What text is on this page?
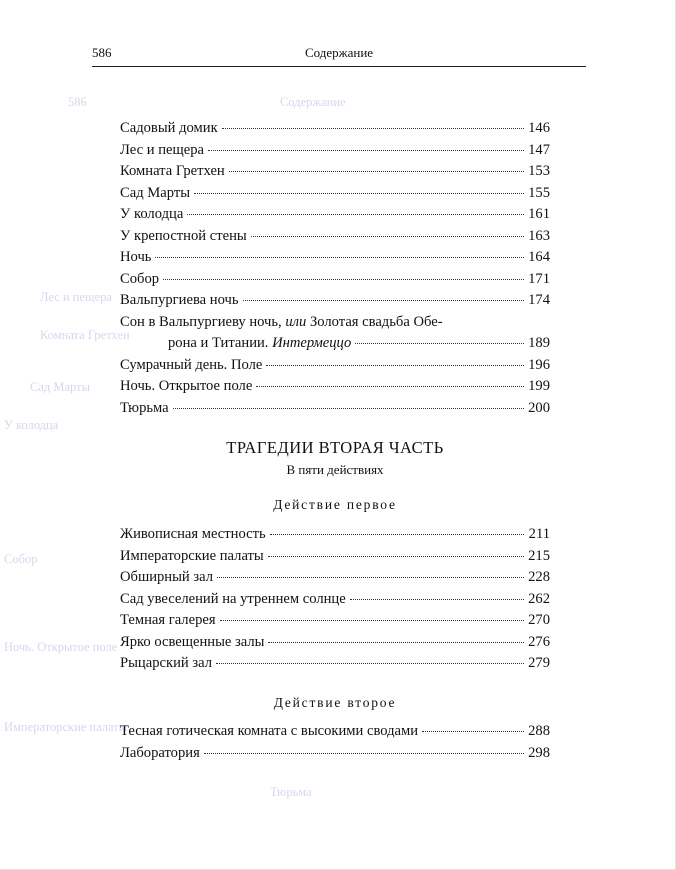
586	Содержание
Лес и пещера
Комната Гретхен
Сад Марты
У колодца
Собор
Ночь. Открытое поле
Тюрьма
Императорские палаты
586	Содержание
Садовый домик	146
Лес и пещера	147
Комната Гретхен	153
Сад Марты	155
У колодца	161
У крепостной стены	163
Ночь	164
Собор	171
Вальпургиева ночь	174
Сон в Вальпургиеву ночь, или Золотая свадьба Обе-
рона и Титании. Интермеццо	189
Сумрачный день. Поле	196
Ночь. Открытое поле	199
Тюрьма	200
ТРАГЕДИИ ВТОРАЯ ЧАСТЬ
В пяти действиях
Действие первое
Живописная местность	211
Императорские палаты	215
Обширный зал	228
Сад увеселений на утреннем солнце	262
Темная галерея	270
Ярко освещенные залы	276
Рыцарский зал	279
Действие второе
Тесная готическая комната с высокими сводами	288
Лаборатория	298
